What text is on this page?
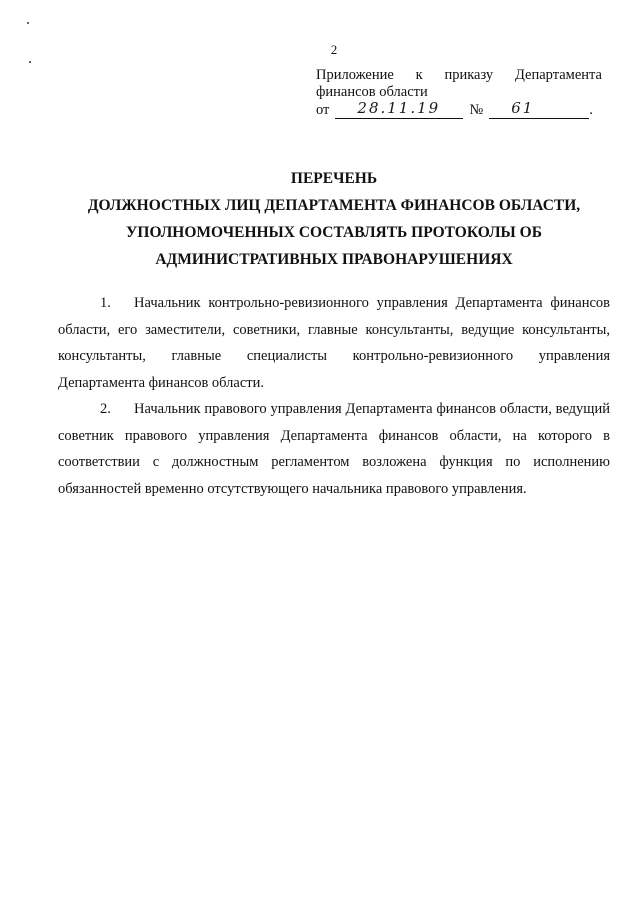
2
Приложение к приказу Департамента
финансов области
от 28.11.19 № 61	.
ПЕРЕЧЕНЬ
ДОЛЖНОСТНЫХ ЛИЦ ДЕПАРТАМЕНТА ФИНАНСОВ ОБЛАСТИ,
УПОЛНОМОЧЕННЫХ СОСТАВЛЯТЬ ПРОТОКОЛЫ ОБ
АДМИНИСТРАТИВНЫХ ПРАВОНАРУШЕНИЯХ

1. Начальник контрольно-ревизионного управления Департамента финансов области, его заместители, советники, главные консультанты, ведущие консультанты, консультанты, главные специалисты контрольно-ревизионного управления Департамента финансов области.

2. Начальник правового управления Департамента финансов области, ведущий советник правового управления Департамента финансов области, на которого в соответствии с должностным регламентом возложена функция по исполнению обязанностей временно отсутствующего начальника правового управления.
